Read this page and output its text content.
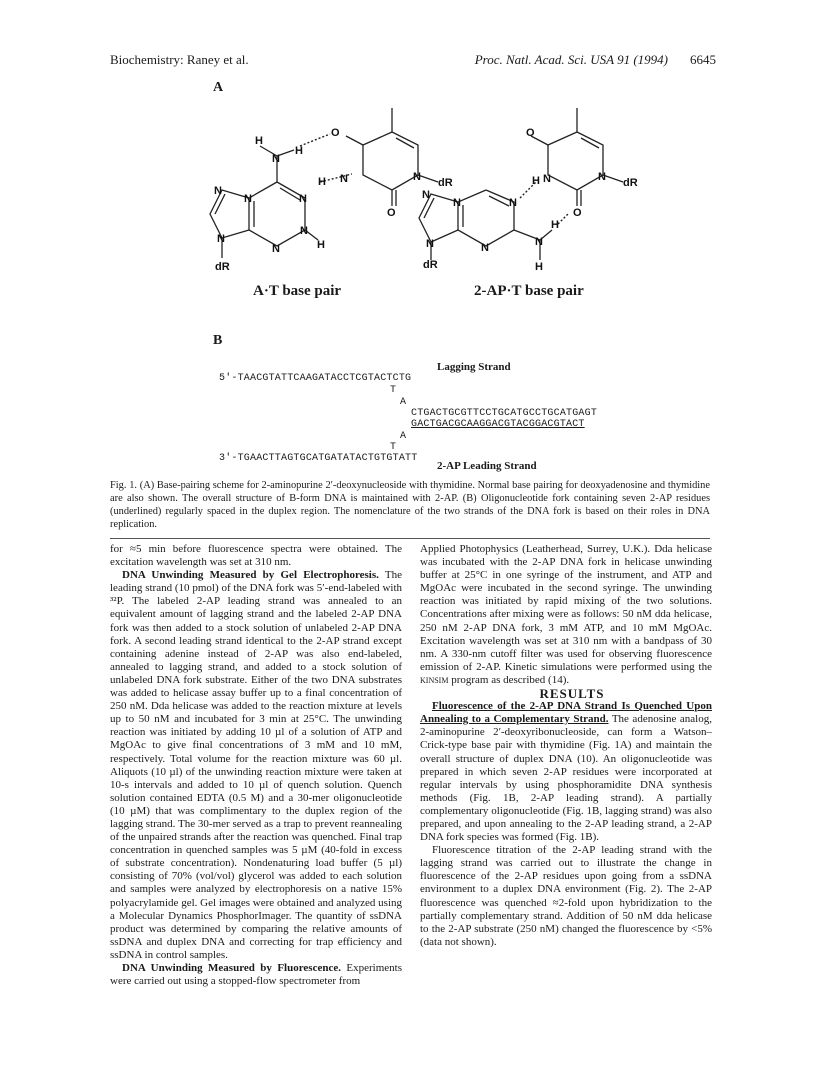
Biochemistry: Raney et al.	Proc. Natl. Acad. Sci. USA 91 (1994) 6645
A
H
N
H
O
H N
N
N
N
N
N
N
H
dR
N dR
O
N
N
N	N
N
N
H
H
dR
O
H N	N dR
O
A·T base pair	2-AP·T base pair
B
Lagging Strand
5'-TAACGTATTCAAGATACCTCGTACTCTG
T
A
CTGACTGCGTTCCTGCATGCCTGCATGAGT
GACTGACGCAAGGACGTACGGACGTACT
A
T
3'-TGAACTTAGTGCATGATATACTGTGTATT
2-AP Leading Strand
Fig. 1. (A) Base-pairing scheme for 2-aminopurine 2′-deoxynucleoside with thymidine. Normal base pairing for deoxyadenosine and thymidine are also shown. The overall structure of B-form DNA is maintained with 2-AP. (B) Oligonucleotide fork containing seven 2-AP residues (underlined) regularly spaced in the duplex region. The nomenclature of the two strands of the DNA fork is based on their roles in DNA replication.

for ≈5 min before fluorescence spectra were obtained. The excitation wavelength was set at 310 nm.

DNA Unwinding Measured by Gel Electrophoresis. The leading strand (10 pmol) of the DNA fork was 5′-end-labeled with ³²P. The labeled 2-AP leading strand was annealed to an equivalent amount of lagging strand and the labeled 2-AP DNA fork was then added to a stock solution of unlabeled 2-AP DNA fork. A second leading strand identical to the 2-AP strand except containing adenine instead of 2-AP was also end-labeled, annealed to lagging strand, and added to a stock solution of unlabeled DNA fork substrate. Either of the two DNA substrates was added to helicase assay buffer up to a final concentration of 250 nM. Dda helicase was added to the reaction mixture at levels up to 50 nM and incubated for 3 min at 25°C. The unwinding reaction was initiated by adding 10 µl of a solution of ATP and MgOAc to give final concentrations of 3 mM and 10 mM, respectively. Total volume for the reaction mixture was 60 µl. Aliquots (10 µl) of the unwinding reaction mixture were taken at 10-s intervals and added to 10 µl of quench solution. Quench solution contained EDTA (0.5 M) and a 30-mer oligonucleotide (10 µM) that was complimentary to the duplex region of the lagging strand. The 30-mer served as a trap to prevent reannealing of the unpaired strands after the reaction was quenched. Final trap concentration in quenched samples was 5 µM (40-fold in excess of substrate concentration). Nondenaturing load buffer (5 µl) consisting of 70% (vol/vol) glycerol was added to each solution and samples were analyzed by electrophoresis on a native 15% polyacrylamide gel. Gel images were obtained and analyzed using a Molecular Dynamics PhosphorImager. The quantity of ssDNA product was determined by comparing the relative amounts of ssDNA and duplex DNA and correcting for trap efficiency and ssDNA in control samples.

DNA Unwinding Measured by Fluorescence. Experiments were carried out using a stopped-flow spectrometer from

Applied Photophysics (Leatherhead, Surrey, U.K.). Dda helicase was incubated with the 2-AP DNA fork in helicase unwinding buffer at 25°C in one syringe of the instrument, and ATP and MgOAc were incubated in the second syringe. The unwinding reaction was initiated by rapid mixing of the two solutions. Concentrations after mixing were as follows: 50 nM dda helicase, 250 nM 2-AP DNA fork, 3 mM ATP, and 10 mM MgOAc. Excitation wavelength was set at 310 nm with a bandpass of 30 nm. A 330-nm cutoff filter was used for observing fluorescence emission of 2-AP. Kinetic simulations were performed using the kinsim program as described (14).

RESULTS

Fluorescence of the 2-AP DNA Strand Is Quenched Upon Annealing to a Complementary Strand. The adenosine analog, 2-aminopurine 2′-deoxyribonucleoside, can form a Watson–Crick-type base pair with thymidine (Fig. 1A) and maintain the overall structure of duplex DNA (10). An oligonucleotide was prepared in which seven 2-AP residues were incorporated at regular intervals by using phosphoramidite DNA synthesis methods (Fig. 1B, 2-AP leading strand). A partially complementary oligonucleotide (Fig. 1B, lagging strand) was also prepared, and upon annealing to the 2-AP leading strand, a 2-AP DNA fork species was formed (Fig. 1B).

Fluorescence titration of the 2-AP leading strand with the lagging strand was carried out to illustrate the change in fluorescence of the 2-AP residues upon going from a ssDNA environment to a duplex DNA environment (Fig. 2). The 2-AP fluorescence was quenched ≈2-fold upon hybridization to the partially complementary strand. Addition of 50 nM dda helicase to the 2-AP substrate (250 nM) changed the fluorescence by <5% (data not shown).
